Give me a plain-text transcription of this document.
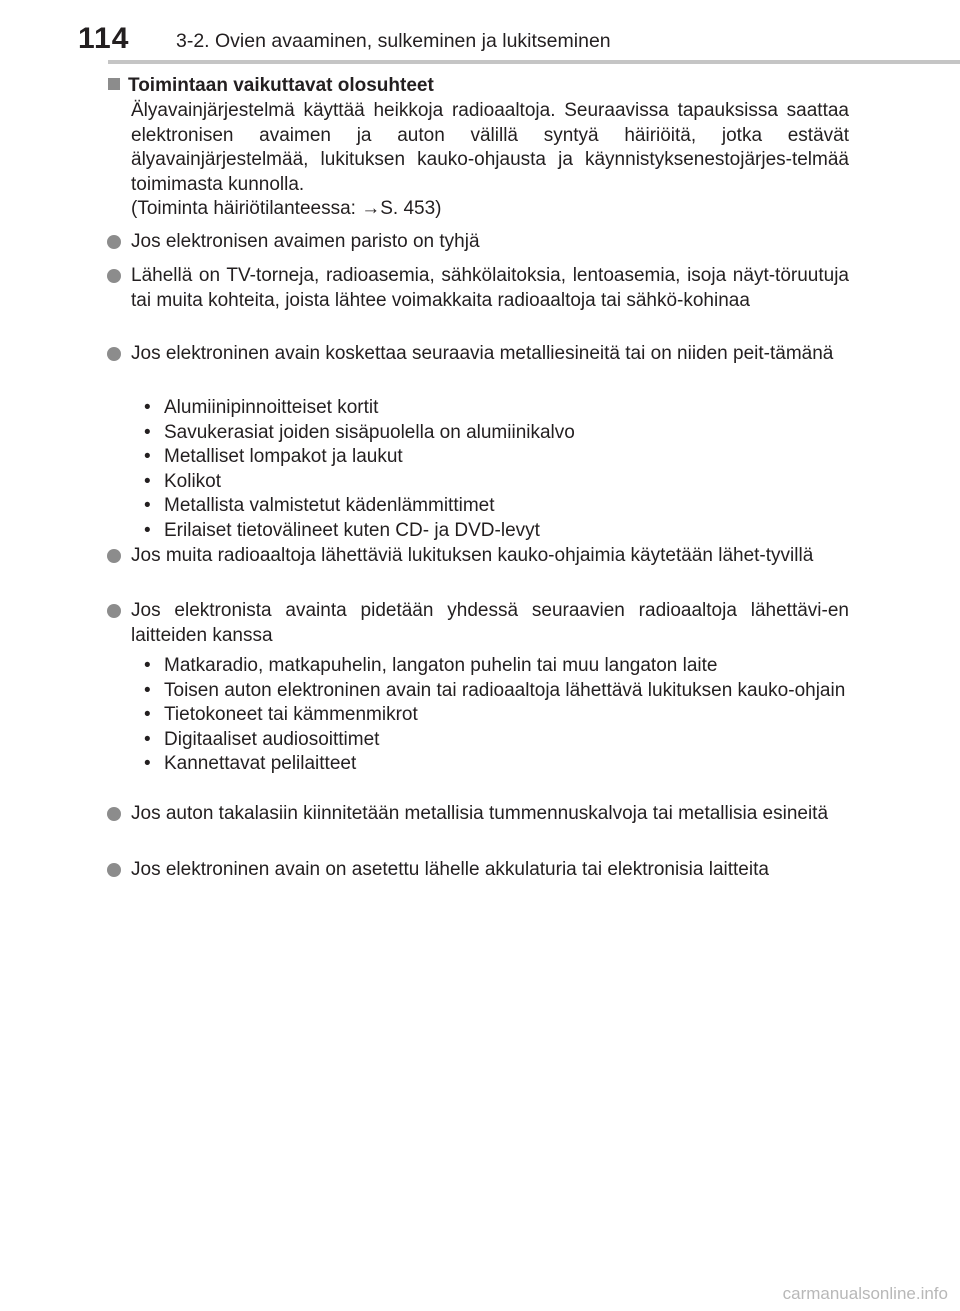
114 3-2. Ovien avaaminen, sulkeminen ja lukitseminen
Toimintaan vaikuttavat olosuhteet
Älyavainjärjestelmä käyttää heikkoja radioaaltoja. Seuraavissa tapauksissa saattaa elektronisen avaimen ja auton välillä syntyä häiriöitä, jotka estävät älyavainjärjestelmää, lukituksen kauko-ohjausta ja käynnistyksenestojärjes-telmää toimimasta kunnolla.
(Toiminta häiriötilanteessa: →S. 453)
Jos elektronisen avaimen paristo on tyhjä
Lähellä on TV-torneja, radioasemia, sähkölaitoksia, lentoasemia, isoja näyt-töruutuja tai muita kohteita, joista lähtee voimakkaita radioaaltoja tai sähkö-kohinaa
Jos elektroninen avain koskettaa seuraavia metalliesineitä tai on niiden peit-tämänä
• Alumiinipinnoitteiset kortit
• Savukerasiat joiden sisäpuolella on alumiinikalvo
• Metalliset lompakot ja laukut
• Kolikot
• Metallista valmistetut kädenlämmittimet
• Erilaiset tietovälineet kuten CD- ja DVD-levyt
Jos muita radioaaltoja lähettäviä lukituksen kauko-ohjaimia käytetään lähet-tyvillä
Jos elektronista avainta pidetään yhdessä seuraavien radioaaltoja lähettävi-en laitteiden kanssa
• Matkaradio, matkapuhelin, langaton puhelin tai muu langaton laite
• Toisen auton elektroninen avain tai radioaaltoja lähettävä lukituksen kauko-ohjain
• Tietokoneet tai kämmenmikrot
• Digitaaliset audiosoittimet
• Kannettavat pelilaitteet
Jos auton takalasiin kiinnitetään metallisia tummennuskalvoja tai metallisia esineitä
Jos elektroninen avain on asetettu lähelle akkulaturia tai elektronisia laitteita
carmanualsonline.info
